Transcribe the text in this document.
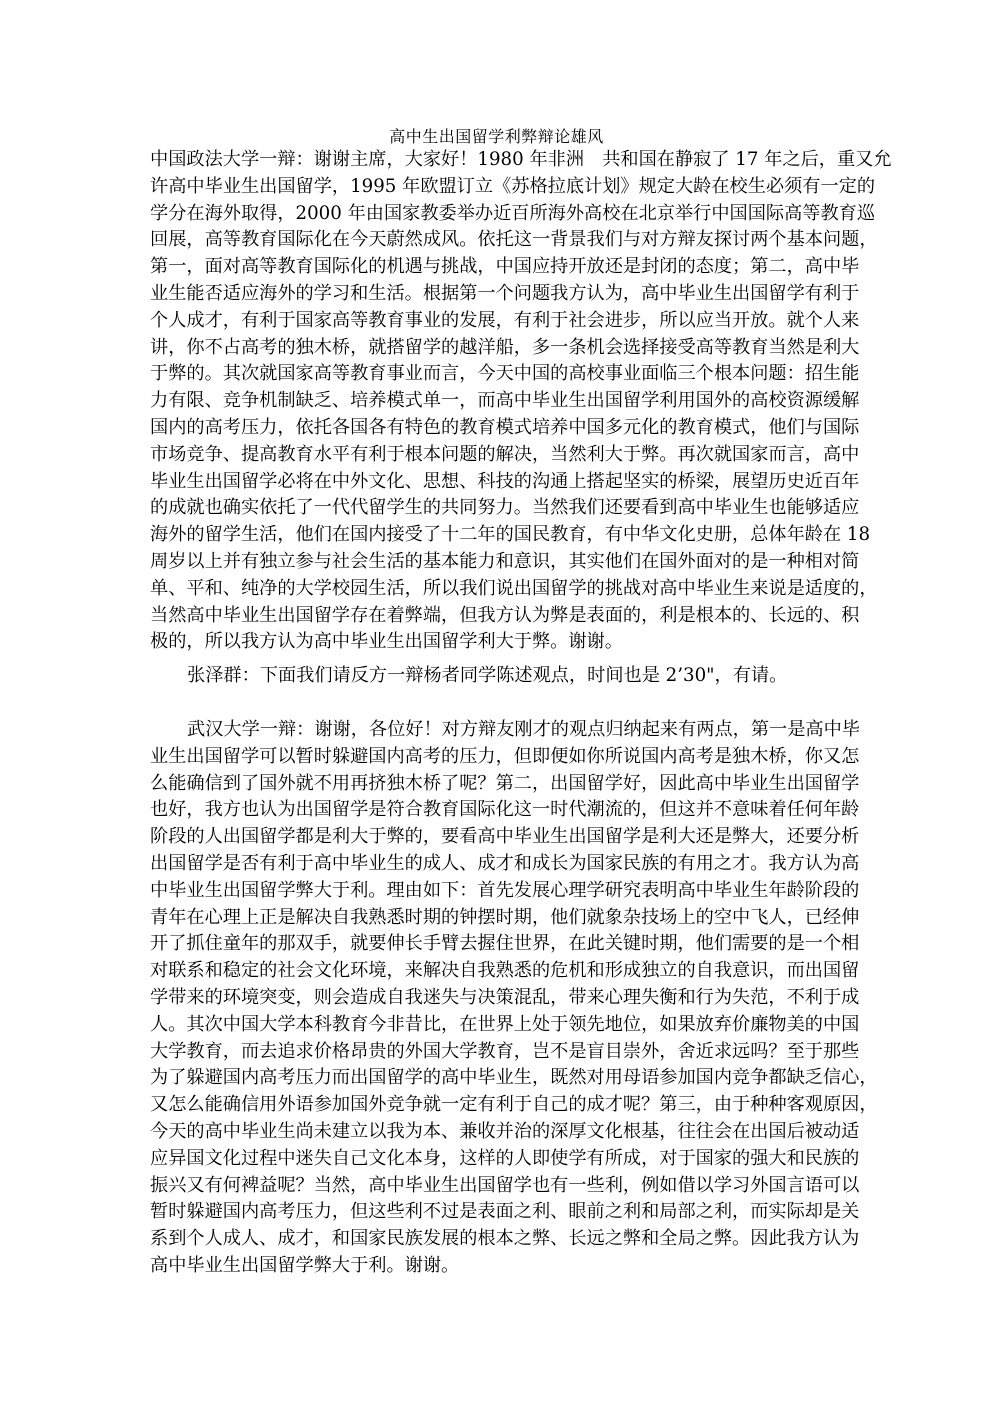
高中生出国留学利弊辩论雄风
中国政法大学一辩：谢谢主席，大家好！1980 年非洲　共和国在静寂了 17 年之后，重又允
许高中毕业生出国留学，1995 年欧盟订立《苏格拉底计划》规定大龄在校生必须有一定的
学分在海外取得，2000 年由国家教委举办近百所海外高校在北京举行中国国际高等教育巡
回展，高等教育国际化在今天蔚然成风。依托这一背景我们与对方辩友探讨两个基本问题，
第一，面对高等教育国际化的机遇与挑战，中国应持开放还是封闭的态度；第二，高中毕
业生能否适应海外的学习和生活。根据第一个问题我方认为，高中毕业生出国留学有利于
个人成才，有利于国家高等教育事业的发展，有利于社会进步，所以应当开放。就个人来
讲，你不占高考的独木桥，就搭留学的越洋船，多一条机会选择接受高等教育当然是利大
于弊的。其次就国家高等教育事业而言，今天中国的高校事业面临三个根本问题：招生能
力有限、竞争机制缺乏、培养模式单一，而高中毕业生出国留学利用国外的高校资源缓解
国内的高考压力，依托各国各有特色的教育模式培养中国多元化的教育模式，他们与国际
市场竞争、提高教育水平有利于根本问题的解决，当然利大于弊。再次就国家而言，高中
毕业生出国留学必将在中外文化、思想、科技的沟通上搭起坚实的桥梁，展望历史近百年
的成就也确实依托了一代代留学生的共同努力。当然我们还要看到高中毕业生也能够适应
海外的留学生活，他们在国内接受了十二年的国民教育，有中华文化史册，总体年龄在 18
周岁以上并有独立参与社会生活的基本能力和意识，其实他们在国外面对的是一种相对简
单、平和、纯净的大学校园生活，所以我们说出国留学的挑战对高中毕业生来说是适度的，
当然高中毕业生出国留学存在着弊端，但我方认为弊是表面的，利是根本的、长远的、积
极的，所以我方认为高中毕业生出国留学利大于弊。谢谢。
张泽群：下面我们请反方一辩杨者同学陈述观点，时间也是 2’30"，有请。
武汉大学一辩：谢谢，各位好！对方辩友刚才的观点归纳起来有两点，第一是高中毕
业生出国留学可以暂时躲避国内高考的压力，但即便如你所说国内高考是独木桥，你又怎
么能确信到了国外就不用再挤独木桥了呢？第二，出国留学好，因此高中毕业生出国留学
也好，我方也认为出国留学是符合教育国际化这一时代潮流的，但这并不意味着任何年龄
阶段的人出国留学都是利大于弊的，要看高中毕业生出国留学是利大还是弊大，还要分析
出国留学是否有利于高中毕业生的成人、成才和成长为国家民族的有用之才。我方认为高
中毕业生出国留学弊大于利。理由如下：首先发展心理学研究表明高中毕业生年龄阶段的
青年在心理上正是解决自我熟悉时期的钟摆时期，他们就象杂技场上的空中飞人，已经伸
开了抓住童年的那双手，就要伸长手臂去握住世界，在此关键时期，他们需要的是一个相
对联系和稳定的社会文化环境，来解决自我熟悉的危机和形成独立的自我意识，而出国留
学带来的环境突变，则会造成自我迷失与决策混乱，带来心理失衡和行为失范，不利于成
人。其次中国大学本科教育今非昔比，在世界上处于领先地位，如果放弃价廉物美的中国
大学教育，而去追求价格昂贵的外国大学教育，岂不是盲目崇外，舍近求远吗？至于那些
为了躲避国内高考压力而出国留学的高中毕业生，既然对用母语参加国内竞争都缺乏信心，
又怎么能确信用外语参加国外竞争就一定有利于自己的成才呢？第三，由于种种客观原因，
今天的高中毕业生尚未建立以我为本、兼收并治的深厚文化根基，往往会在出国后被动适
应异国文化过程中迷失自己文化本身，这样的人即使学有所成，对于国家的强大和民族的
振兴又有何裨益呢？当然，高中毕业生出国留学也有一些利，例如借以学习外国言语可以
暂时躲避国内高考压力，但这些利不过是表面之利、眼前之利和局部之利，而实际却是关
系到个人成人、成才，和国家民族发展的根本之弊、长远之弊和全局之弊。因此我方认为
高中毕业生出国留学弊大于利。谢谢。
